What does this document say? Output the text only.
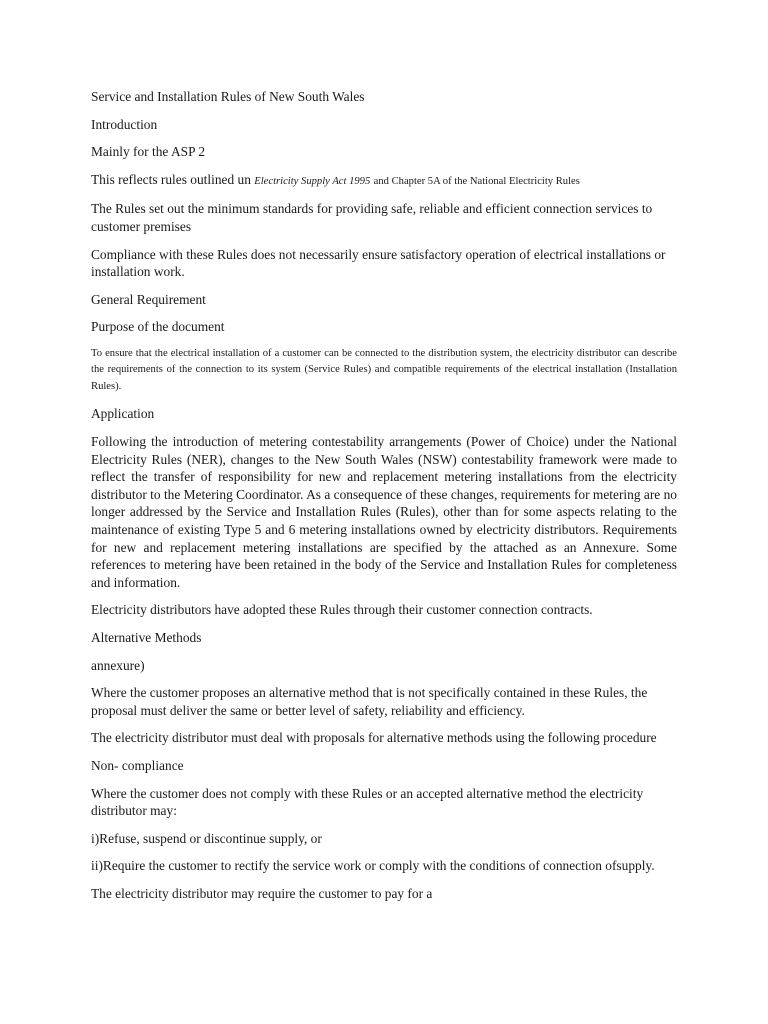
Service and Installation Rules of New South Wales

Introduction

Mainly for the ASP 2

This reflects rules outlined un Electricity Supply Act 1995 and Chapter 5A of the National Electricity Rules

The Rules set out the minimum standards for providing safe, reliable and efficient connection services to customer premises

Compliance with these Rules does not necessarily ensure satisfactory operation of electrical installations or installation work.

General Requirement

Purpose of the document

To ensure that the electrical installation of a customer can be connected to the distribution system, the electricity distributor can describe the requirements of the connection to its system (Service Rules) and compatible requirements of the electrical installation (Installation Rules).

Application

Following the introduction of metering contestability arrangements (Power of Choice) under the National Electricity Rules (NER), changes to the New South Wales (NSW) contestability framework were made to reflect the transfer of responsibility for new and replacement metering installations from the electricity distributor to the Metering Coordinator. As a consequence of these changes, requirements for metering are no longer addressed by the Service and Installation Rules (Rules), other than for some aspects relating to the maintenance of existing Type 5 and 6 metering installations owned by electricity distributors. Requirements for new and replacement metering installations are specified by the attached as an Annexure. Some references to metering have been retained in the body of the Service and Installation Rules for completeness and information.

Electricity distributors have adopted these Rules through their customer connection contracts.

Alternative Methods

annexure)

Where the customer proposes an alternative method that is not specifically contained in these Rules, the proposal must deliver the same or better level of safety, reliability and efficiency.

The electricity distributor must deal with proposals for alternative methods using the following procedure

Non- compliance

Where the customer does not comply with these Rules or an accepted alternative method the electricity distributor may:

i)Refuse, suspend or discontinue supply, or

ii)Require the customer to rectify the service work or comply with the conditions of connection ofsupply.

The electricity distributor may require the customer to pay for a
